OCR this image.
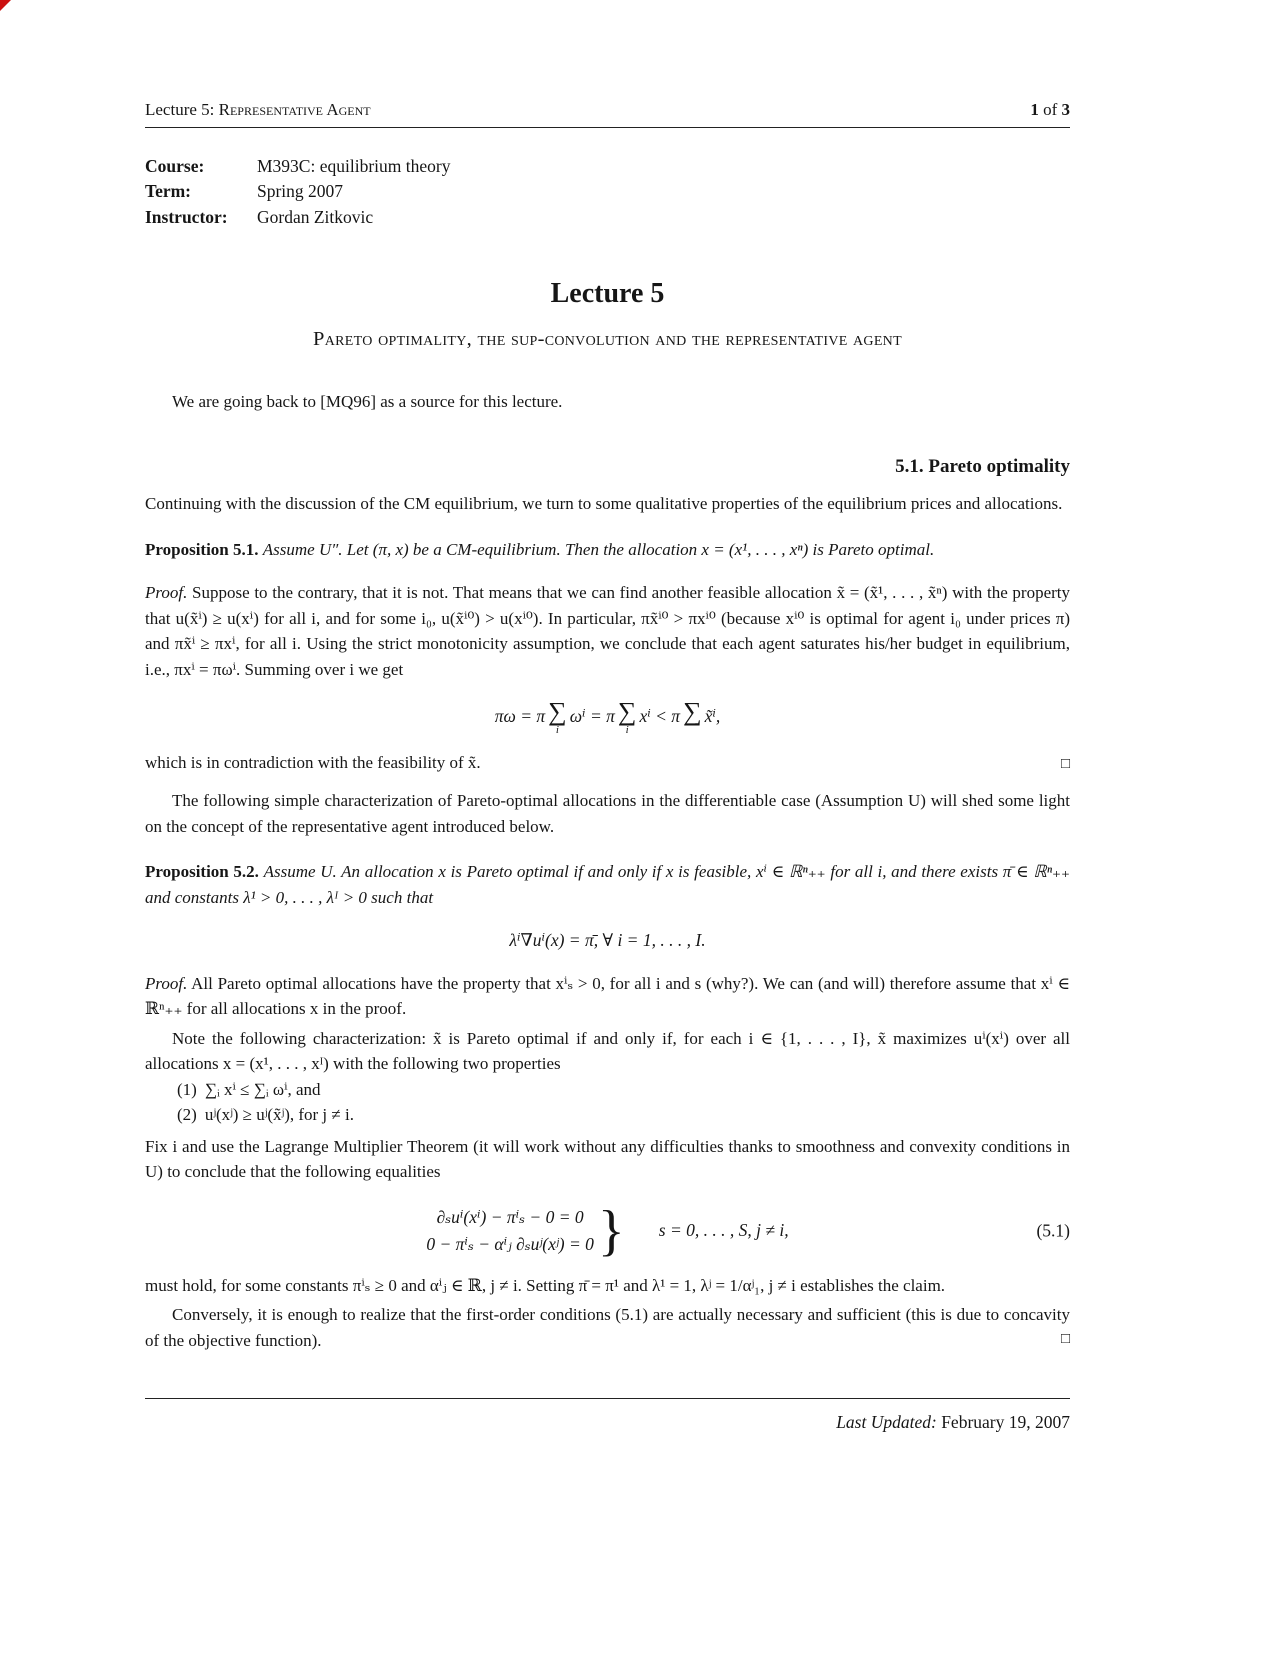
Lecture 5: Representative Agent	1 of 3
Course:	M393C: equilibrium theory
Term:	Spring 2007
Instructor:	Gordan Zitkovic
Lecture 5
Pareto optimality, the sup-convolution and the representative agent

We are going back to [MQ96] as a source for this lecture.

5.1. Pareto optimality

Continuing with the discussion of the CM equilibrium, we turn to some qualitative properties of the equilibrium prices and allocations.

Proposition 5.1. Assume U″. Let (π, x) be a CM-equilibrium. Then the allocation x = (x¹, . . . , xⁿ) is Pareto optimal.

Proof. Suppose to the contrary, that it is not. That means that we can find another feasible allocation x̃ = (x̃¹, . . . , x̃ⁿ) with the property that u(x̃ⁱ) ≥ u(xⁱ) for all i, and for some i₀, u(x̃ⁱ⁰) > u(xⁱ⁰). In particular, πx̃ⁱ⁰ > πxⁱ⁰ (because xⁱ⁰ is optimal for agent i₀ under prices π) and πx̃ⁱ ≥ πxⁱ, for all i. Using the strict monotonicity assumption, we conclude that each agent saturates his/her budget in equilibrium, i.e., πxⁱ = πωⁱ. Summing over i we get

πω = π ∑
i
ωⁱ = π ∑
i
xⁱ < π ∑ x̃ⁱ,

which is in contradiction with the feasibility of x̃.	□

The following simple characterization of Pareto-optimal allocations in the differentiable case (Assumption U) will shed some light on the concept of the representative agent introduced below.

Proposition 5.2. Assume U. An allocation x is Pareto optimal if and only if x is feasible, xⁱ ∈ ℝⁿ₊₊ for all i, and there exists π̄ ∈ ℝⁿ₊₊ and constants λ¹ > 0, . . . , λᴵ > 0 such that

λⁱ∇uⁱ(x) = π̄, ∀ i = 1, . . . , I.

Proof. All Pareto optimal allocations have the property that xⁱₛ > 0, for all i and s (why?). We can (and will) therefore assume that xⁱ ∈ ℝⁿ₊₊ for all allocations x in the proof.

Note the following characterization: x̃ is Pareto optimal if and only if, for each i ∈ {1, . . . , I}, x̃ maximizes uⁱ(xⁱ) over all allocations x = (x¹, . . . , xᴵ) with the following two properties

(1) ∑ᵢ xⁱ ≤ ∑ᵢ ωⁱ, and
(2) uʲ(xʲ) ≥ uʲ(x̃ʲ), for j ≠ i.

Fix i and use the Lagrange Multiplier Theorem (it will work without any difficulties thanks to smoothness and convexity conditions in U) to conclude that the following equalities

∂ₛuⁱ(xⁱ) − πⁱₛ − 0 = 0
0 − πⁱₛ − αⁱⱼ ∂ₛuʲ(xʲ) = 0 } s = 0, . . . , S, j ≠ i,	(5.1)

must hold, for some constants πⁱₛ ≥ 0 and αⁱⱼ ∈ ℝ, j ≠ i. Setting π̄ = π¹ and λ¹ = 1, λʲ = 1/αʲ₁, j ≠ i establishes the claim.

Conversely, it is enough to realize that the first-order conditions (5.1) are actually necessary and sufficient (this is due to concavity of the objective function).	□

Last Updated: February 19, 2007
